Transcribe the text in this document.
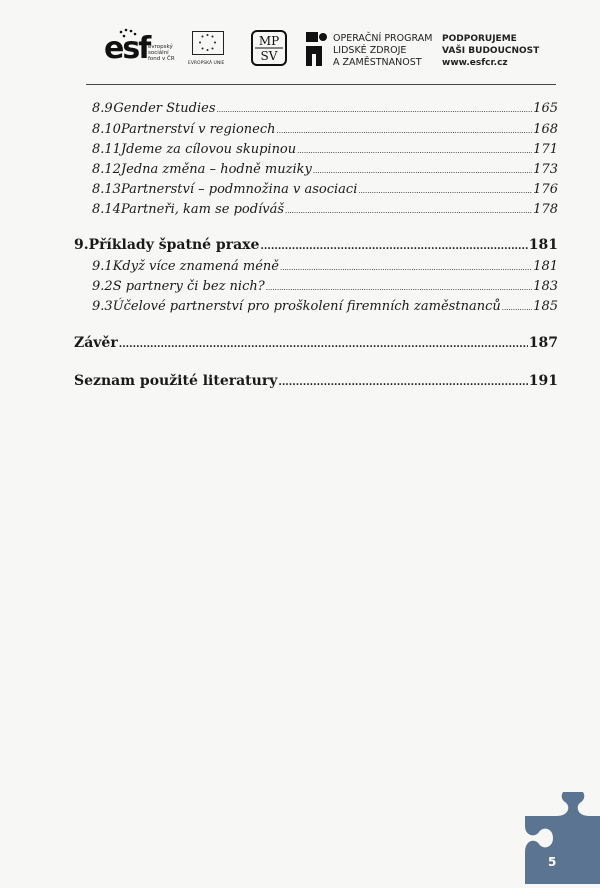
esf
evropský
sociální
fond v ČR
EVROPSKÁ UNIE
MP
SV
OPERAČNÍ PROGRAM
LIDSKÉ ZDROJE
A ZAMĚSTNANOST
PODPORUJEME
VAŠI BUDOUCNOST
www.esfcr.cz
8.9 Gender Studies .....	165
8.10 Partnerství v regionech .....	168
8.11 Jdeme za cílovou skupinou .....	171
8.12 Jedna změna – hodně muziky .....	173
8.13 Partnerství – podmnožina v asociaci .....	176
8.14 Partneři, kam se podíváš .....	178
9. Příklady špatné praxe .....	181
9.1 Když více znamená méně .....	181
9.2 S partnery či bez nich? .....	183
9.3 Účelové partnerství pro proškolení firemních zaměstnanců ..... 185
Závěr .....	187
Seznam použité literatury .....	191
5
